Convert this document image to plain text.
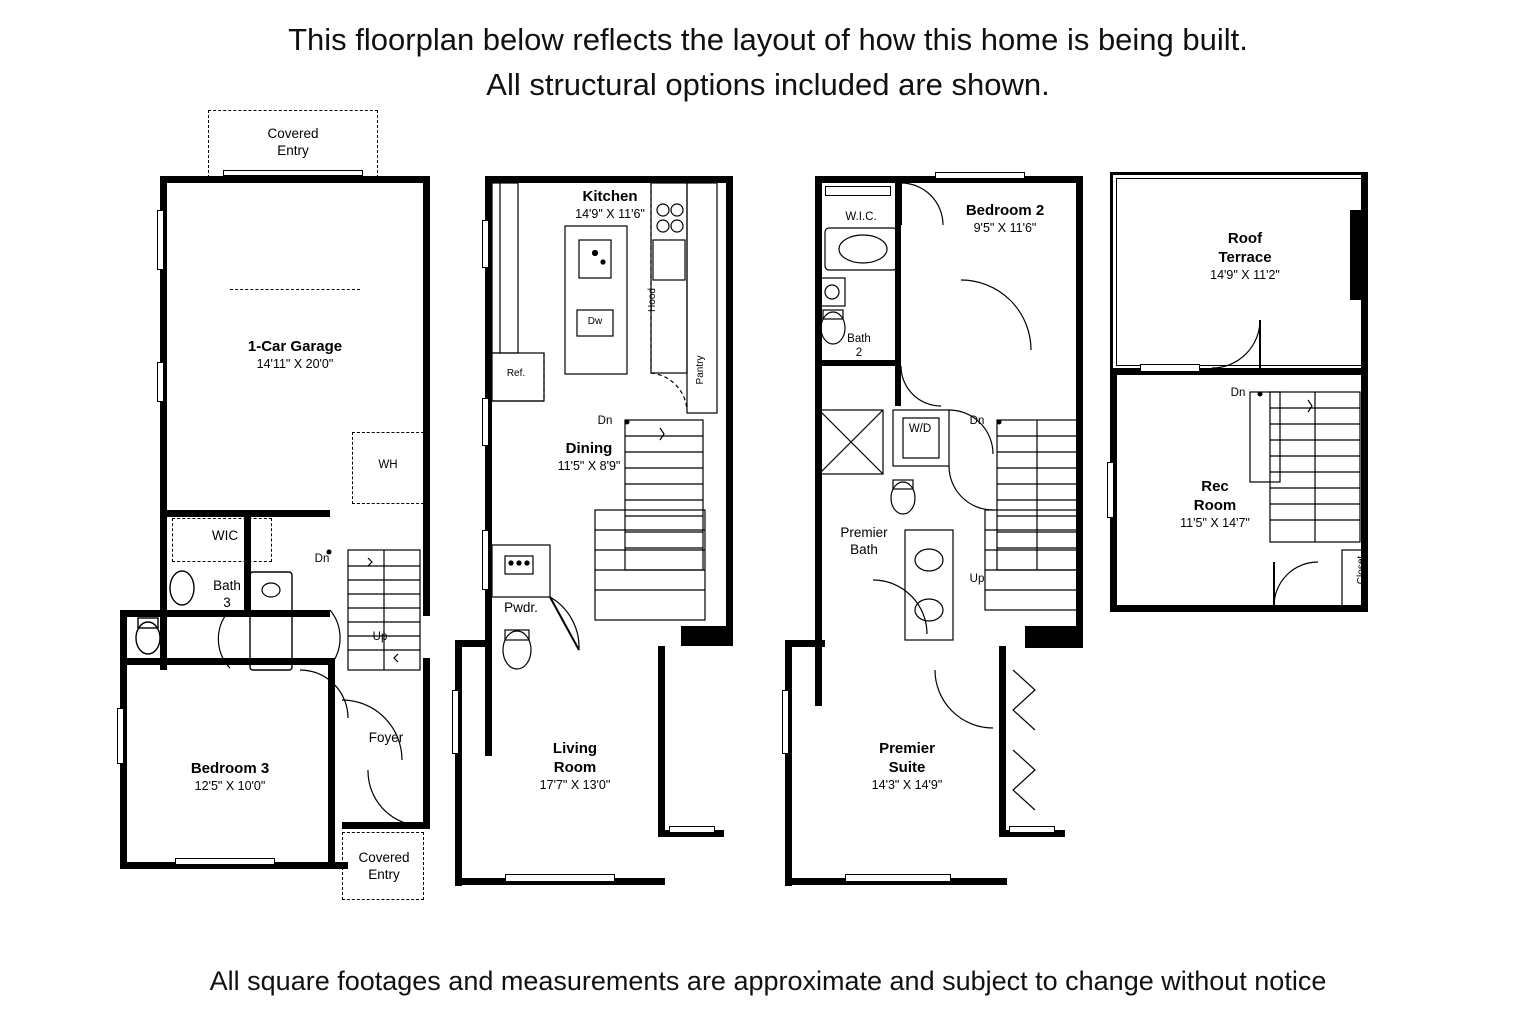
This floorplan below reflects the layout of how this home is being built.
All structural options included are shown.
Covered
Entry
1-Car Garage
14'11" X 20'0"
WH
WIC
Bath
3
Dn
Up
Bedroom 3
12'5" X 10'0"
Foyer
Covered
Entry
Kitchen
14'9" X 11'6"
Ref.
Dw
Hood
Pantry
Dn
Dining
11'5" X 8'9"
Pwdr.
Living
Room
17'7" X 13'0"
W.I.C.	Bedroom 2
9'5" X 11'6"
Bath
2
W/D
Dn
Up
Premier
Bath
Premier
Suite
14'3" X 14'9"
Roof
Terrace
14'9" X 11'2"
Dn
Closet
Rec
Room
11'5" X 14'7"
All square footages and measurements are approximate and subject to change without notice
